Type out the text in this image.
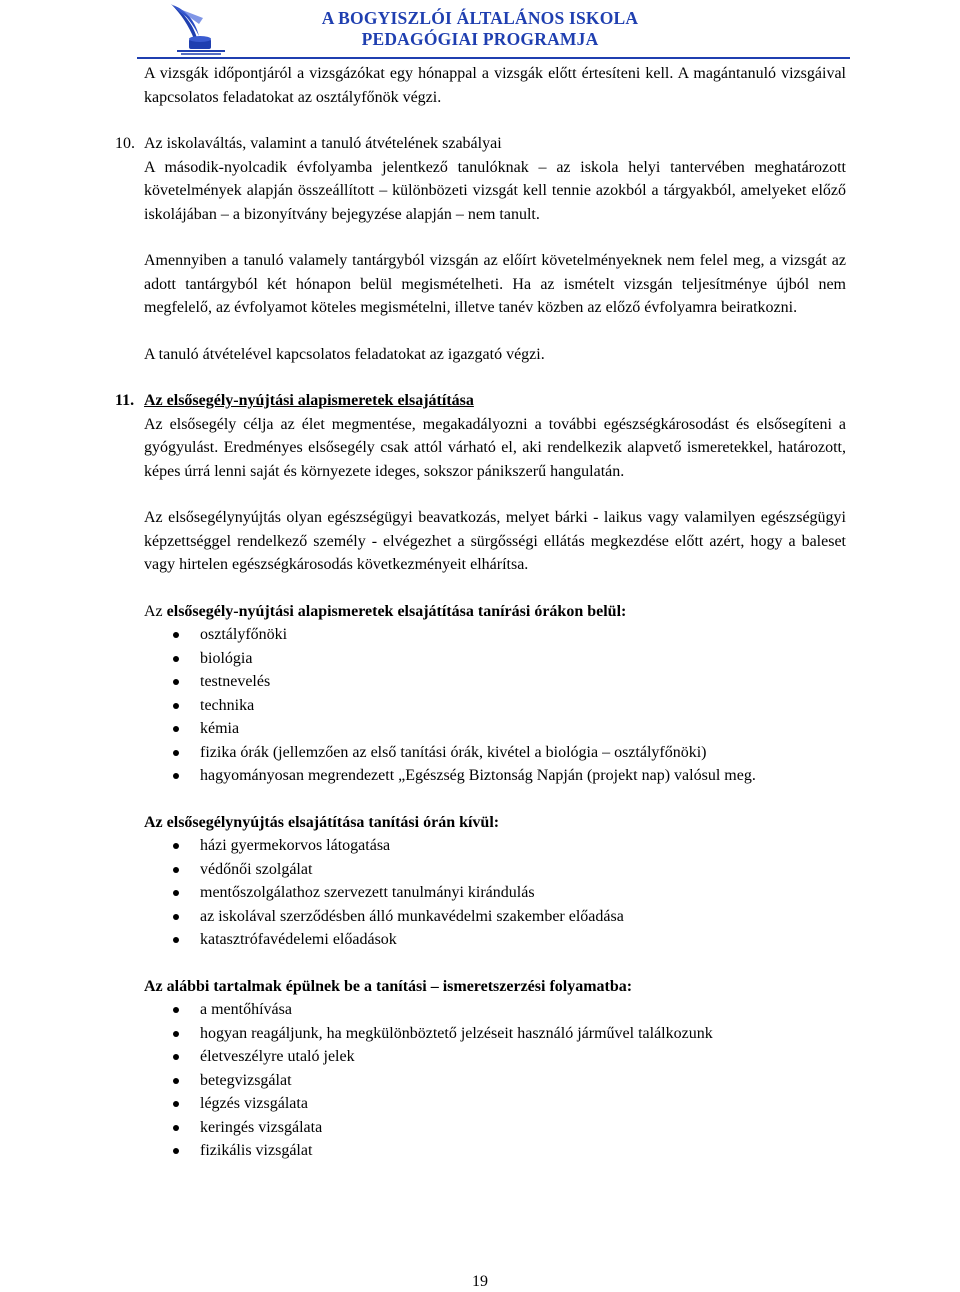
A BOGYISZLÓI ÁLTALÁNOS ISKOLA
PEDAGÓGIAI PROGRAMJA

A vizsgák időpontjáról a vizsgázókat egy hónappal a vizsgák előtt értesíteni kell. A magántanuló vizsgáival kapcsolatos feladatokat az osztályfőnök végzi.

10. Az iskolaváltás, valamint a tanuló átvételének szabályai

A második-nyolcadik évfolyamba jelentkező tanulóknak – az iskola helyi tantervében meghatározott követelmények alapján összeállított – különbözeti vizsgát kell tennie azokból a tárgyakból, amelyeket előző iskolájában – a bizonyítvány bejegyzése alapján – nem tanult.

Amennyiben a tanuló valamely tantárgyból vizsgán az előírt követelményeknek nem felel meg, a vizsgát az adott tantárgyból két hónapon belül megismételheti. Ha az ismételt vizsgán teljesítménye újból nem megfelelő, az évfolyamot köteles megismételni, illetve tanév közben az előző évfolyamra beiratkozni.

A tanuló átvételével kapcsolatos feladatokat az igazgató végzi.

11. Az elsősegély-nyújtási alapismeretek elsajátítása

Az elsősegély célja az élet megmentése, megakadályozni a további egészségkárosodást és elsősegíteni a gyógyulást. Eredményes elsősegély csak attól várható el, aki rendelkezik alapvető ismeretekkel, határozott, képes úrrá lenni saját és környezete ideges, sokszor pánikszerű hangulatán.

Az elsősegélynyújtás olyan egészségügyi beavatkozás, melyet bárki - laikus vagy valamilyen egészségügyi képzettséggel rendelkező személy - elvégezhet a sürgősségi ellátás megkezdése előtt azért, hogy a baleset vagy hirtelen egészségkárosodás következményeit elhárítsa.

Az elsősegély-nyújtási alapismeretek elsajátítása tanírási órákon belül:
osztályfőnöki
biológia
testnevelés
technika
kémia
fizika órák (jellemzően az első tanítási órák, kivétel a biológia – osztályfőnöki)
hagyományosan megrendezett „Egészség Biztonság Napján (projekt nap) valósul meg.
Az elsősegélynyújtás elsajátítása tanítási órán kívül:
házi gyermekorvos látogatása
védőnői szolgálat
mentőszolgálathoz szervezett tanulmányi kirándulás
az iskolával szerződésben álló munkavédelmi szakember előadása
katasztrófavédelemi előadások
Az alábbi tartalmak épülnek be a tanítási – ismeretszerzési folyamatba:
a mentőhívása
hogyan reagáljunk, ha megkülönböztető jelzéseit használó járművel találkozunk
életveszélyre utaló jelek
betegvizsgálat
légzés vizsgálata
keringés vizsgálata
fizikális vizsgálat
19
